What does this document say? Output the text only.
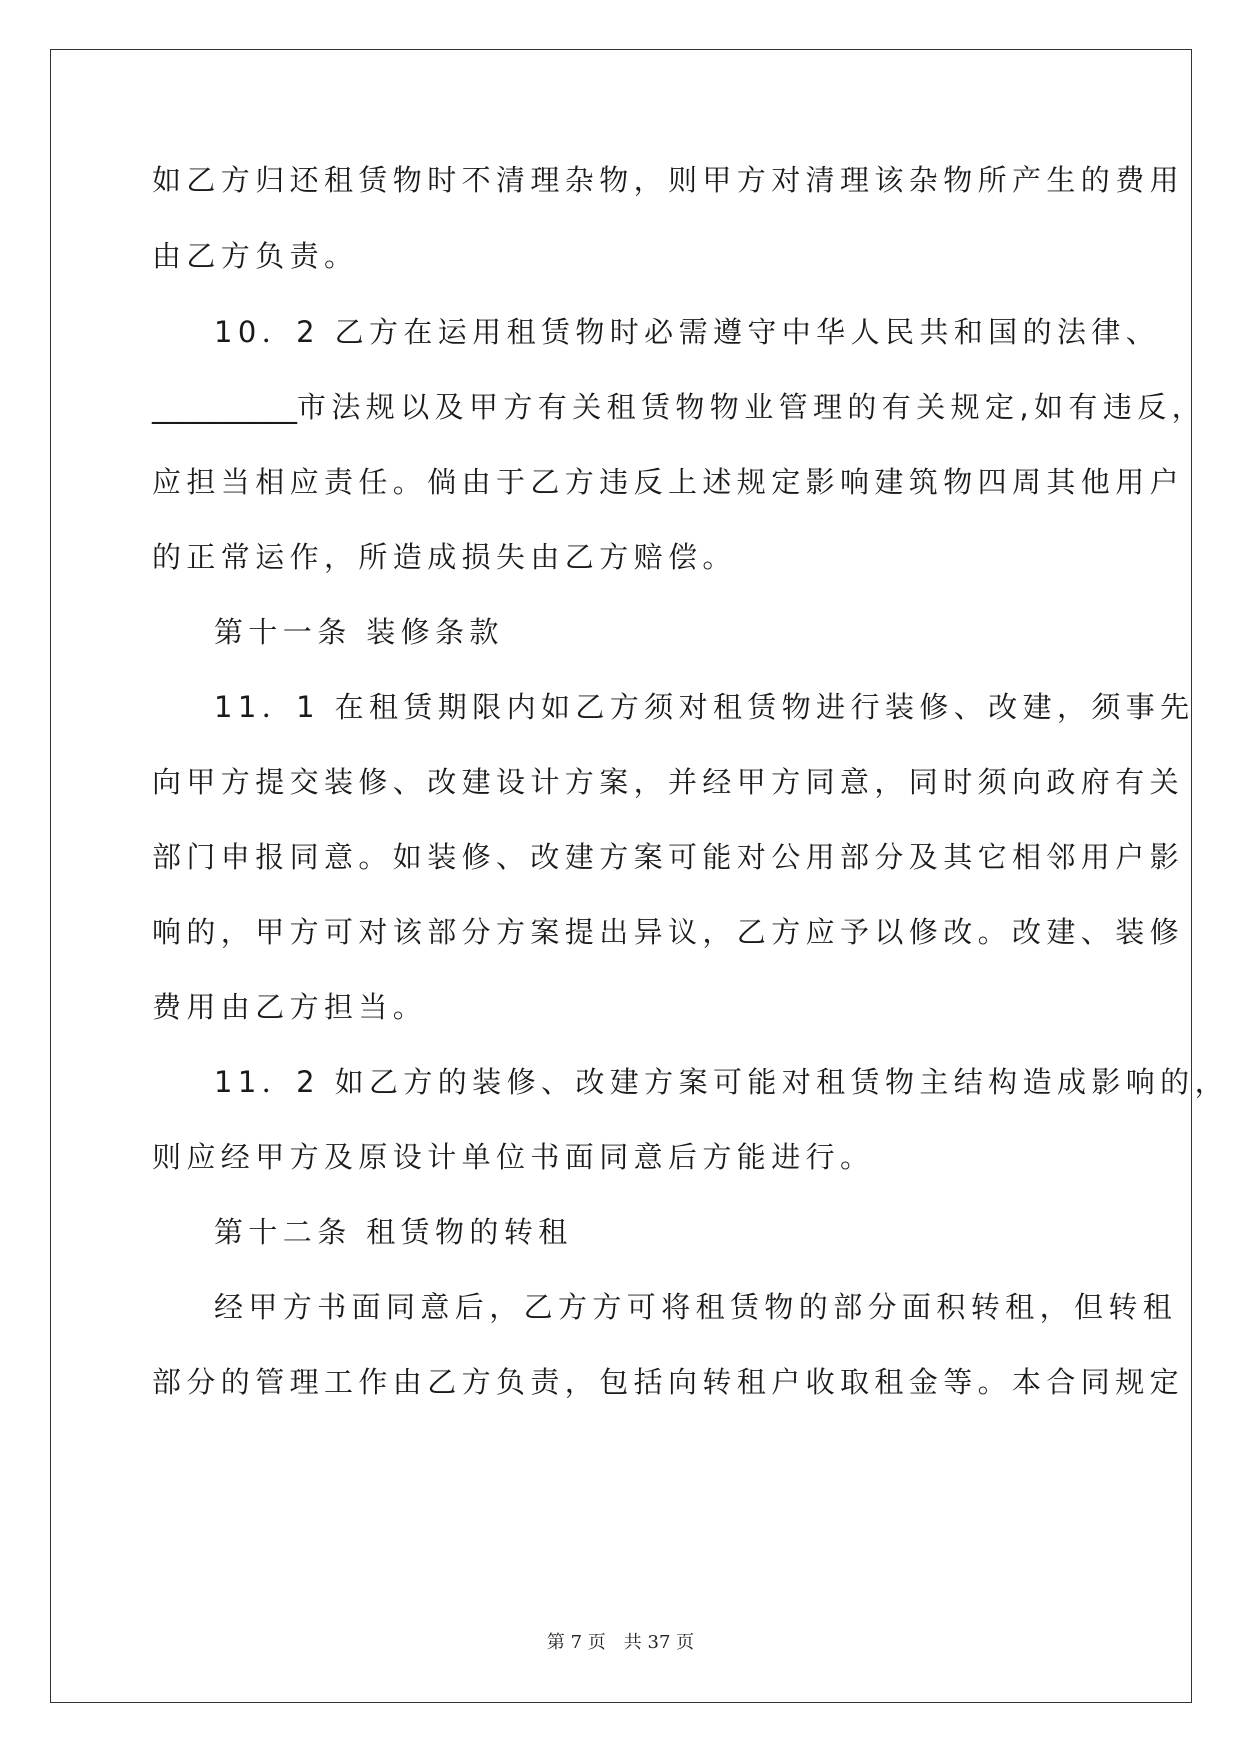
如乙方归还租赁物时不清理杂物，则甲方对清理该杂物所产生的费用
由乙方负责。
10．2 乙方在运用租赁物时必需遵守中华人民共和国的法律、
__________市法规以及甲方有关租赁物物业管理的有关规定,如有违反，
应担当相应责任。倘由于乙方违反上述规定影响建筑物四周其他用户
的正常运作，所造成损失由乙方赔偿。
第十一条 装修条款
11．1 在租赁期限内如乙方须对租赁物进行装修、改建，须事先
向甲方提交装修、改建设计方案，并经甲方同意，同时须向政府有关
部门申报同意。如装修、改建方案可能对公用部分及其它相邻用户影
响的，甲方可对该部分方案提出异议，乙方应予以修改。改建、装修
费用由乙方担当。
11．2 如乙方的装修、改建方案可能对租赁物主结构造成影响的，
则应经甲方及原设计单位书面同意后方能进行。
第十二条 租赁物的转租
经甲方书面同意后，乙方方可将租赁物的部分面积转租，但转租
部分的管理工作由乙方负责，包括向转租户收取租金等。本合同规定
第 7 页　共 37 页
